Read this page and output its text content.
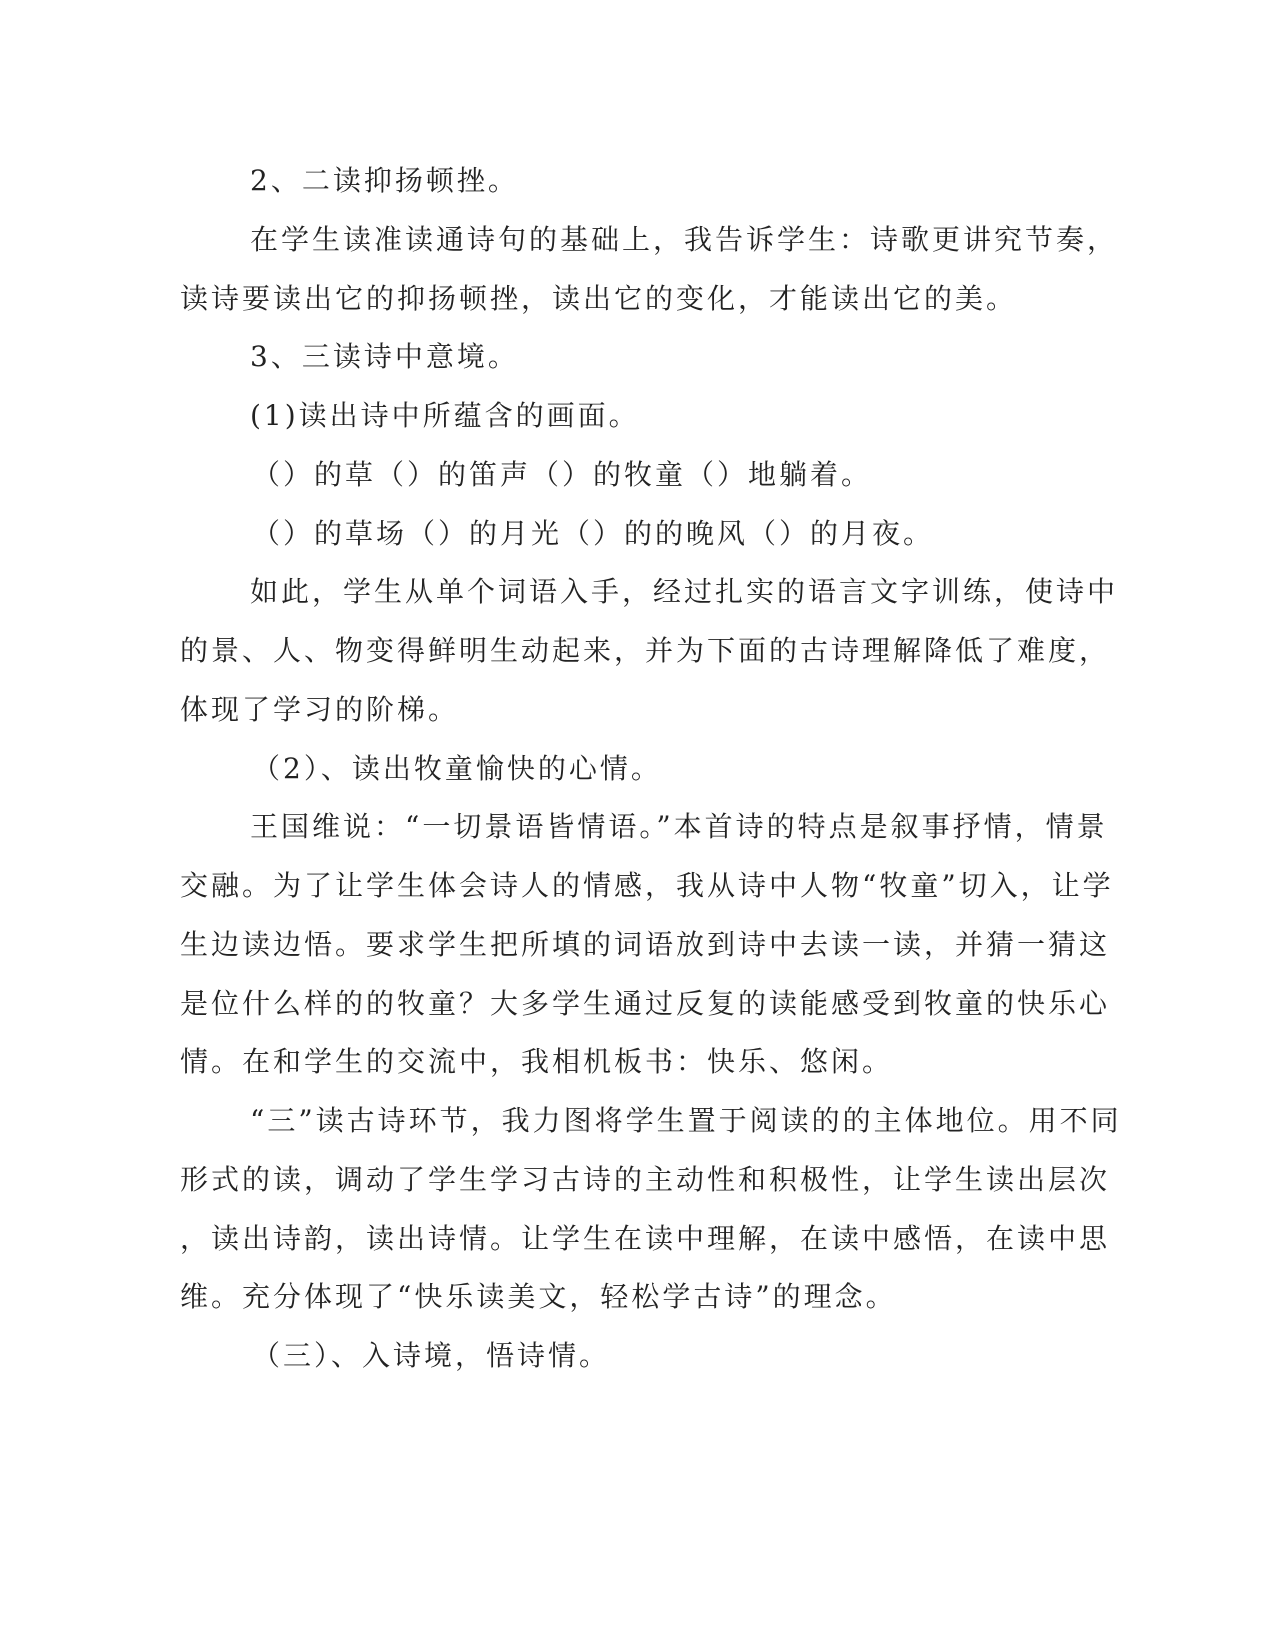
2、二读抑扬顿挫。
在学生读准读通诗句的基础上，我告诉学生：诗歌更讲究节奏，
读诗要读出它的抑扬顿挫，读出它的变化，才能读出它的美。
3、三读诗中意境。
(1)读出诗中所蕴含的画面。
（）的草（）的笛声（）的牧童（）地躺着。
（）的草场（）的月光（）的的晚风（）的月夜。
如此，学生从单个词语入手，经过扎实的语言文字训练，使诗中
的景、人、物变得鲜明生动起来，并为下面的古诗理解降低了难度，
体现了学习的阶梯。
（2）、读出牧童愉快的心情。
王国维说：“一切景语皆情语。”本首诗的特点是叙事抒情，情景
交融。为了让学生体会诗人的情感，我从诗中人物“牧童”切入，让学
生边读边悟。要求学生把所填的词语放到诗中去读一读，并猜一猜这
是位什么样的的牧童？大多学生通过反复的读能感受到牧童的快乐心
情。在和学生的交流中，我相机板书：快乐、悠闲。
“三”读古诗环节，我力图将学生置于阅读的的主体地位。用不同
形式的读，调动了学生学习古诗的主动性和积极性，让学生读出层次
，读出诗韵，读出诗情。让学生在读中理解，在读中感悟，在读中思
维。充分体现了“快乐读美文，轻松学古诗”的理念。
（三）、入诗境，悟诗情。
